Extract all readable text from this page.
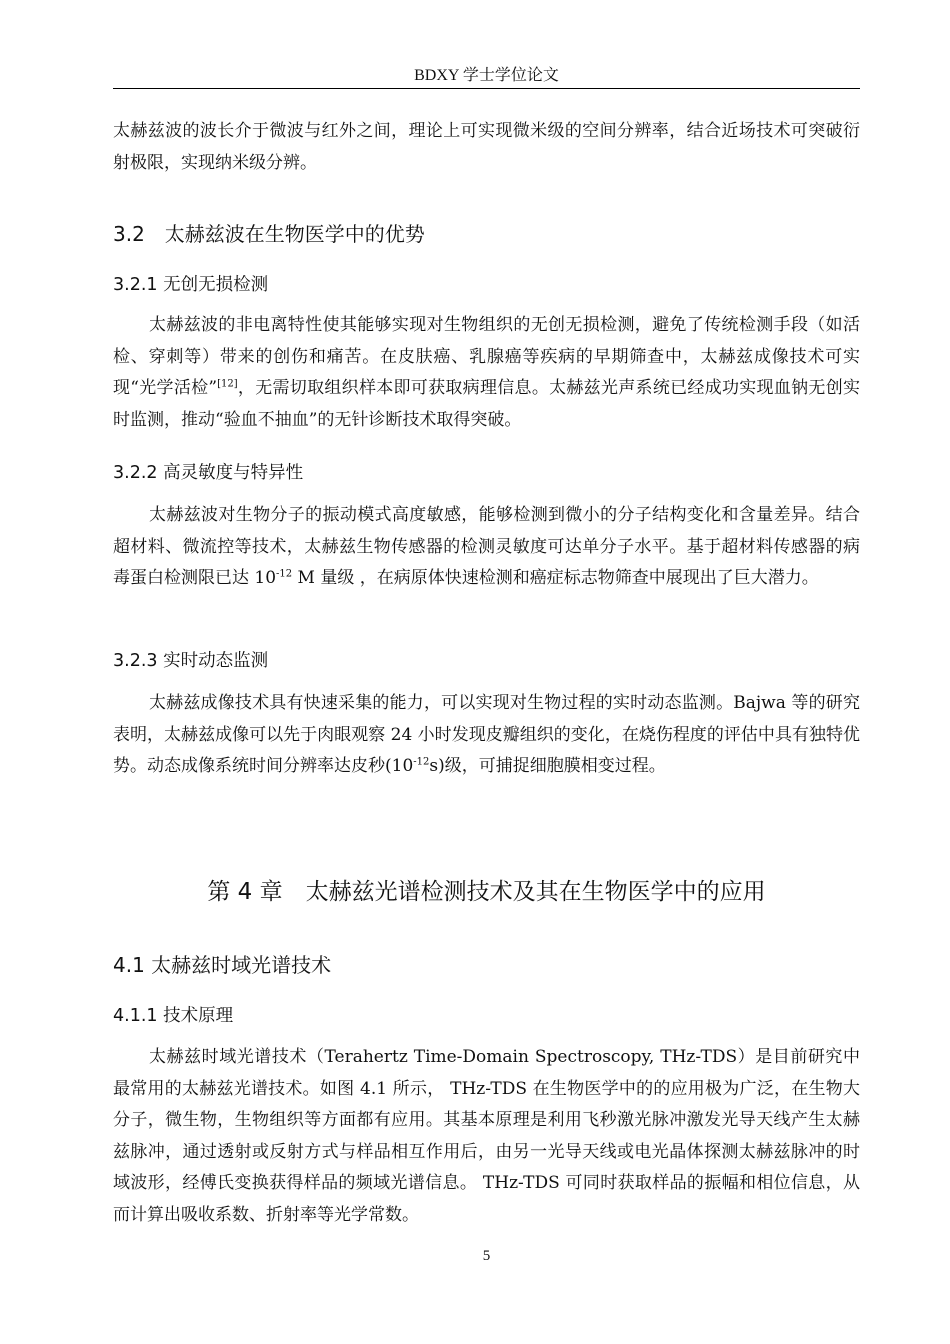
BDXY 学士学位论文

太赫兹波的波长介于微波与红外之间，理论上可实现微米级的空间分辨率，结合近场技术可突破衍射极限，实现纳米级分辨。

3.2　太赫兹波在生物医学中的优势
3.2.1 无创无损检测

太赫兹波的非电离特性使其能够实现对生物组织的无创无损检测，避免了传统检测手段（如活检、穿刺等）带来的创伤和痛苦。在皮肤癌、乳腺癌等疾病的早期筛查中，太赫兹成像技术可实现“光学活检”[12]，无需切取组织样本即可获取病理信息。太赫兹光声系统已经成功实现血钠无创实时监测，推动“验血不抽血”的无针诊断技术取得突破。

3.2.2 高灵敏度与特异性

太赫兹波对生物分子的振动模式高度敏感，能够检测到微小的分子结构变化和含量差异。结合超材料、微流控等技术，太赫兹生物传感器的检测灵敏度可达单分子水平。基于超材料传感器的病毒蛋白检测限已达 $10^{-12}$ M 量级 ，在病原体快速检测和癌症标志物筛查中展现出了巨大潜力。

3.2.3 实时动态监测

太赫兹成像技术具有快速采集的能力，可以实现对生物过程的实时动态监测。Bajwa 等的研究表明，太赫兹成像可以先于肉眼观察 24 小时发现皮瓣组织的变化，在烧伤程度的评估中具有独特优势。动态成像系统时间分辨率达皮秒$(10^{-12}s)$级，可捕捉细胞膜相变过程。

第 4 章　太赫兹光谱检测技术及其在生物医学中的应用
4.1 太赫兹时域光谱技术
4.1.1 技术原理

太赫兹时域光谱技术（Terahertz Time-Domain Spectroscopy, THz-TDS）是目前研究中最常用的太赫兹光谱技术。如图 4.1 所示， THz-TDS 在生物医学中的的应用极为广泛，在生物大分子，微生物，生物组织等方面都有应用。其基本原理是利用飞秒激光脉冲激发光导天线产生太赫兹脉冲，通过透射或反射方式与样品相互作用后，由另一光导天线或电光晶体探测太赫兹脉冲的时域波形，经傅氏变换获得样品的频域光谱信息。 THz-TDS 可同时获取样品的振幅和相位信息，从而计算出吸收系数、折射率等光学常数。

5
